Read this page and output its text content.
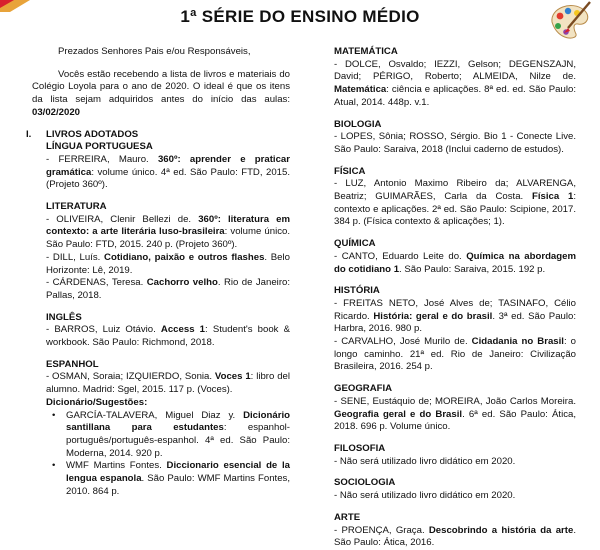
1ª SÉRIE DO ENSINO MÉDIO

Prezados Senhores Pais e/ou Responsáveis,

Vocês estão recebendo a lista de livros e materiais do Colégio Loyola para o ano de 2020. O ideal é que os itens da lista sejam adquiridos antes do início das aulas: 03/02/2020

I. LIVROS ADOTADOS

LÍNGUA PORTUGUESA

- FERREIRA, Mauro. 360º: aprender e praticar gramática: volume único. 4ª ed. São Paulo: FTD, 2015. (Projeto 360º).

LITERATURA

- OLIVEIRA, Clenir Bellezi de. 360º: literatura em contexto: a arte literária luso-brasileira: volume único. São Paulo: FTD, 2015. 240 p. (Projeto 360º).

- DILL, Luís. Cotidiano, paixão e outros flashes. Belo Horizonte: Lê, 2019.

- CÁRDENAS, Teresa. Cachorro velho. Rio de Janeiro: Pallas, 2018.

INGLÊS

- BARROS, Luiz Otávio. Access 1: Student's book & workbook. São Paulo: Richmond, 2018.

ESPANHOL

- OSMAN, Soraia; IZQUIERDO, Sonia. Voces 1: libro del alumno. Madrid: Sgel, 2015. 117 p. (Voces).

Dicionário/Sugestões:

• GARCÍA-TALAVERA, Miguel Diaz y. Dicionário santillana para estudantes: espanhol-português/português-espanhol. 4ª ed. São Paulo: Moderna, 2014. 920 p.

• WMF Martins Fontes. Diccionario esencial de la lengua espanola. São Paulo: WMF Martins Fontes, 2010. 864 p.

MATEMÁTICA

- DOLCE, Osvaldo; IEZZI, Gelson; DEGENSZAJN, David; PÉRIGO, Roberto; ALMEIDA, Nilze de. Matemática: ciência e aplicações. 8ª ed. ed. São Paulo: Atual, 2014. 448p. v.1.

BIOLOGIA

- LOPES, Sônia; ROSSO, Sérgio. Bio 1 - Conecte Live. São Paulo: Saraiva, 2018 (Inclui caderno de estudos).

FÍSICA

- LUZ, Antonio Maximo Ribeiro da; ALVARENGA, Beatriz; GUIMARÃES, Carla da Costa. Física 1: contexto e aplicações. 2ª ed. São Paulo: Scipione, 2017. 384 p. (Física contexto & aplicações; 1).

QUÍMICA

- CANTO, Eduardo Leite do. Química na abordagem do cotidiano 1. São Paulo: Saraiva, 2015. 192 p.

HISTÓRIA

- FREITAS NETO, José Alves de; TASINAFO, Célio Ricardo. História: geral e do brasil. 3ª ed. São Paulo: Harbra, 2016. 980 p.

- CARVALHO, José Murilo de. Cidadania no Brasil: o longo caminho. 21ª ed. Rio de Janeiro: Civilização Brasileira, 2016. 254 p.

GEOGRAFIA

- SENE, Eustáquio de; MOREIRA, João Carlos Moreira. Geografia geral e do Brasil. 6ª ed. São Paulo: Ática, 2018. 696 p. Volume único.

FILOSOFIA

- Não será utilizado livro didático em 2020.

SOCIOLOGIA

- Não será utilizado livro didático em 2020.

ARTE

- PROENÇA, Graça. Descobrindo a história da arte. São Paulo: Ática, 2016.
